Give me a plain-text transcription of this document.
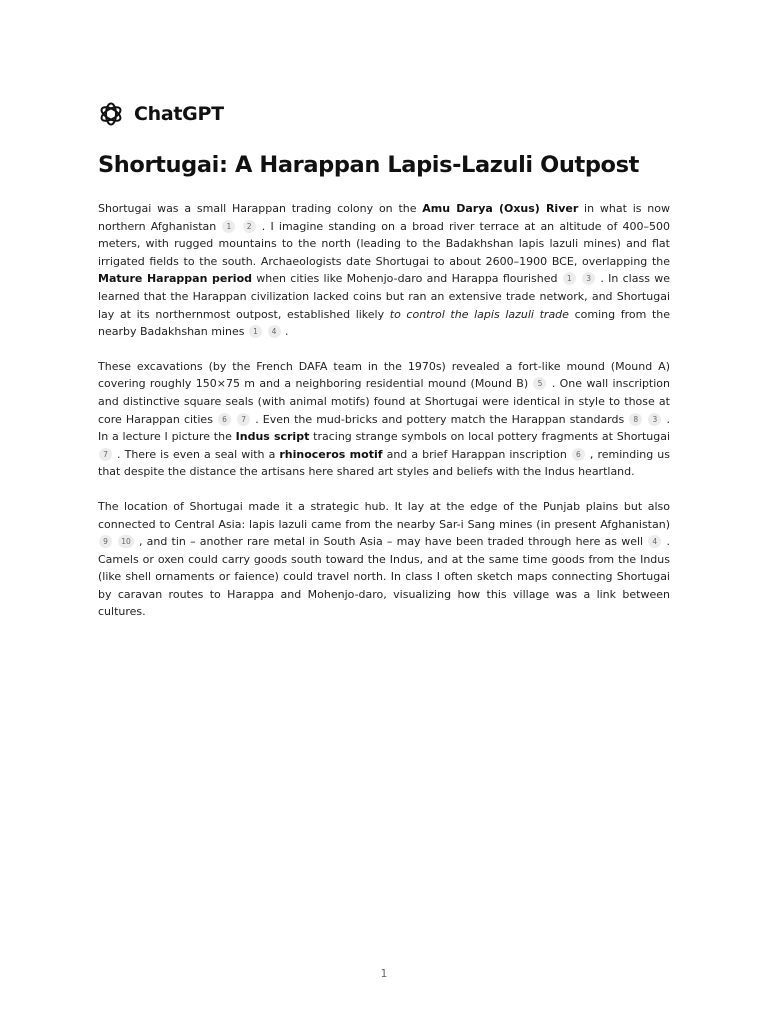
ChatGPT
Shortugai: A Harappan Lapis-Lazuli Outpost

Shortugai was a small Harappan trading colony on the Amu Darya (Oxus) River in what is now northern Afghanistan 1 2 . I imagine standing on a broad river terrace at an altitude of 400–500 meters, with rugged mountains to the north (leading to the Badakhshan lapis lazuli mines) and flat irrigated fields to the south. Archaeologists date Shortugai to about 2600–1900 BCE, overlapping the Mature Harappan period when cities like Mohenjo-daro and Harappa flourished 1 3 . In class we learned that the Harappan civilization lacked coins but ran an extensive trade network, and Shortugai lay at its northernmost outpost, established likely to control the lapis lazuli trade coming from the nearby Badakhshan mines 1 4 .

These excavations (by the French DAFA team in the 1970s) revealed a fort-like mound (Mound A) covering roughly 150×75 m and a neighboring residential mound (Mound B) 5 . One wall inscription and distinctive square seals (with animal motifs) found at Shortugai were identical in style to those at core Harappan cities 6 7 . Even the mud-bricks and pottery match the Harappan standards 8 3 . In a lecture I picture the Indus script tracing strange symbols on local pottery fragments at Shortugai 7 . There is even a seal with a rhinoceros motif and a brief Harappan inscription 6 , reminding us that despite the distance the artisans here shared art styles and beliefs with the Indus heartland.

The location of Shortugai made it a strategic hub. It lay at the edge of the Punjab plains but also connected to Central Asia: lapis lazuli came from the nearby Sar-i Sang mines (in present Afghanistan) 9 10 , and tin – another rare metal in South Asia – may have been traded through here as well 4 . Camels or oxen could carry goods south toward the Indus, and at the same time goods from the Indus (like shell ornaments or faience) could travel north. In class I often sketch maps connecting Shortugai by caravan routes to Harappa and Mohenjo-daro, visualizing how this village was a link between cultures.

1
